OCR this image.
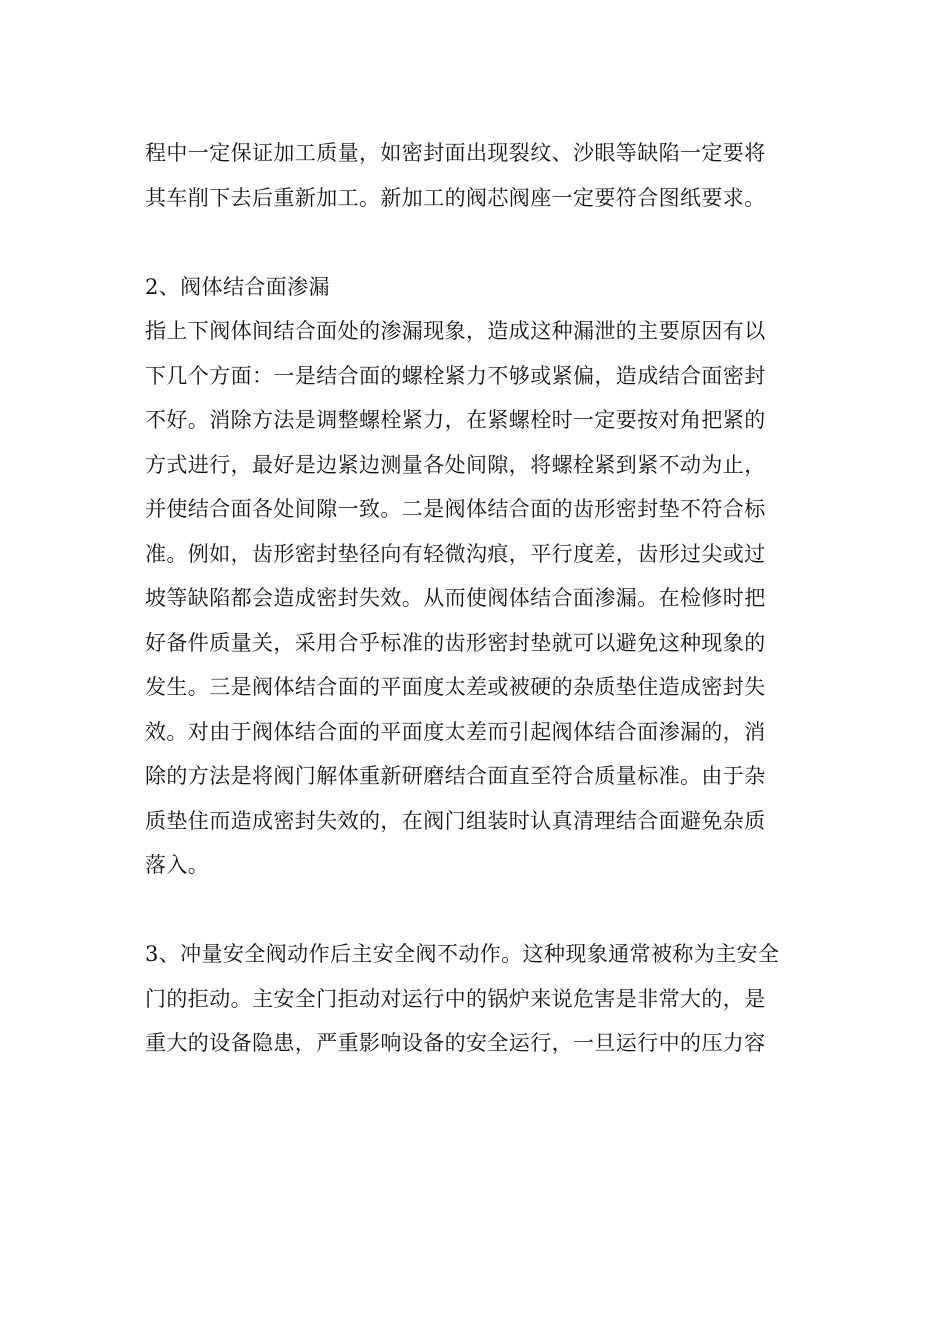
程中一定保证加工质量，如密封面出现裂纹、沙眼等缺陷一定要将
其车削下去后重新加工。新加工的阀芯阀座一定要符合图纸要求。
2、阀体结合面渗漏
指上下阀体间结合面处的渗漏现象，造成这种漏泄的主要原因有以
下几个方面：一是结合面的螺栓紧力不够或紧偏，造成结合面密封
不好。消除方法是调整螺栓紧力，在紧螺栓时一定要按对角把紧的
方式进行，最好是边紧边测量各处间隙，将螺栓紧到紧不动为止，
并使结合面各处间隙一致。二是阀体结合面的齿形密封垫不符合标
准。例如，齿形密封垫径向有轻微沟痕，平行度差，齿形过尖或过
坡等缺陷都会造成密封失效。从而使阀体结合面渗漏。在检修时把
好备件质量关，采用合乎标准的齿形密封垫就可以避免这种现象的
发生。三是阀体结合面的平面度太差或被硬的杂质垫住造成密封失
效。对由于阀体结合面的平面度太差而引起阀体结合面渗漏的，消
除的方法是将阀门解体重新研磨结合面直至符合质量标准。由于杂
质垫住而造成密封失效的，在阀门组装时认真清理结合面避免杂质
落入。
3、冲量安全阀动作后主安全阀不动作。这种现象通常被称为主安全
门的拒动。主安全门拒动对运行中的锅炉来说危害是非常大的，是
重大的设备隐患，严重影响设备的安全运行，一旦运行中的压力容
